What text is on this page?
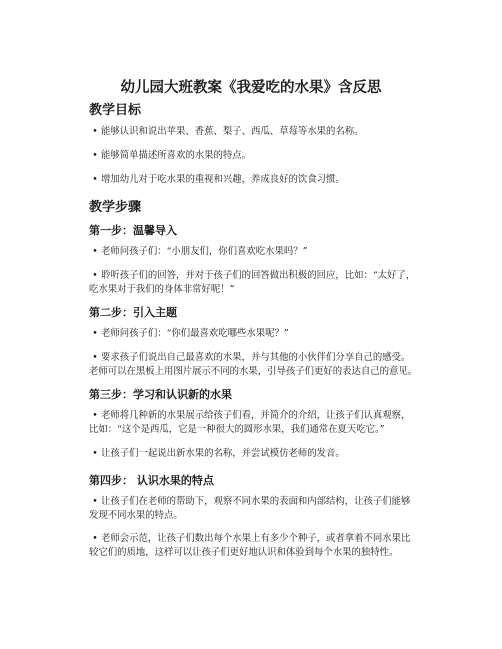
幼儿园大班教案《我爱吃的水果》含反思
教学目标
• 能够认识和说出苹果、香蕉、梨子、西瓜、草莓等水果的名称。
• 能够简单描述所喜欢的水果的特点。
• 增加幼儿对于吃水果的重视和兴趣，养成良好的饮食习惯。
教学步骤
第一步：温馨导入
• 老师问孩子们：“小朋友们，你们喜欢吃水果吗？”
• 聆听孩子们的回答，并对于孩子们的回答做出积极的回应，比如：“太好了，
吃水果对于我们的身体非常好呢！”
第二步：引入主题
• 老师问孩子们：“你们最喜欢吃哪些水果呢？”
• 要求孩子们说出自己最喜欢的水果，并与其他的小伙伴们分享自己的感受。
老师可以在黑板上用图片展示不同的水果，引导孩子们更好的表达自己的意见。
第三步：学习和认识新的水果
• 老师将几种新的水果展示给孩子们看，并简介的介绍，让孩子们认真观察，
比如：“这个是西瓜，它是一种很大的圆形水果，我们通常在夏天吃它。”
• 让孩子们一起说出新水果的名称，并尝试模仿老师的发音。
第四步： 认识水果的特点
• 让孩子们在老师的帮助下，观察不同水果的表面和内部结构，让孩子们能够
发现不同水果的特点。
• 老师会示范，让孩子们数出每个水果上有多少个种子，或者拿着不同水果比
较它们的质地，这样可以让孩子们更好地认识和体验到每个水果的独特性。
